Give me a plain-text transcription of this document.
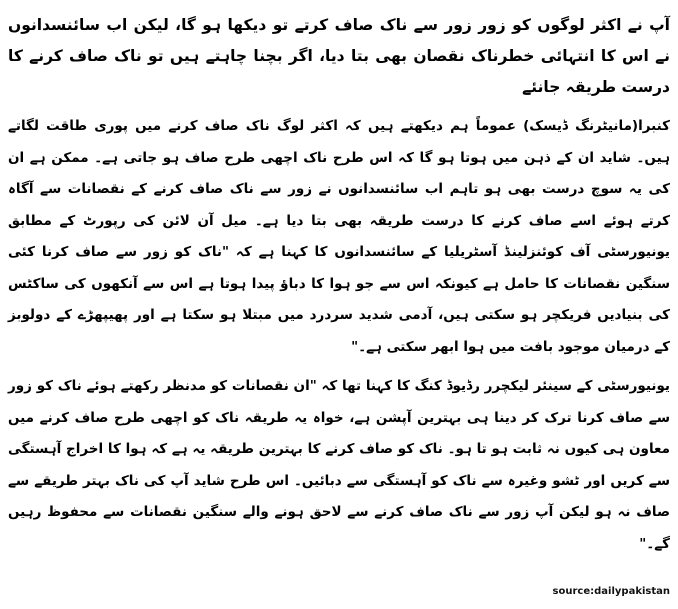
آپ نے اکثر لوگوں کو زور زور سے ناک صاف کرتے تو دیکھا ہو گا، لیکن اب سائنسدانوں نے اس کا انتہائی خطرناک نقصان بھی بتا دیا، اگر بچنا چاہتے ہیں تو ناک صاف کرنے کا درست طریقہ جانئے

کنبرا(مانیٹرنگ ڈیسک) عموماً ہم دیکھتے ہیں کہ اکثر لوگ ناک صاف کرنے میں پوری طاقت لگاتے ہیں۔ شاید ان کے ذہن میں ہوتا ہو گا کہ اس طرح ناک اچھی طرح صاف ہو جاتی ہے۔ ممکن ہے ان کی یہ سوچ درست بھی ہو تاہم اب سائنسدانوں نے زور سے ناک صاف کرنے کے نقصانات سے آگاہ کرتے ہوئے اسے صاف کرنے کا درست طریقہ بھی بتا دیا ہے۔ میل آن لائن کی رپورٹ کے مطابق یونیورسٹی آف کوئنزلینڈ آسٹریلیا کے سائنسدانوں کا کہنا ہے کہ "ناک کو زور سے صاف کرنا کئی سنگین نقصانات کا حامل ہے کیونکہ اس سے جو ہوا کا دباؤ پیدا ہوتا ہے اس سے آنکھوں کی ساکٹس کی بنیادیں فریکچر ہو سکتی ہیں، آدمی شدید سردرد میں مبتلا ہو سکتا ہے اور پھیپھڑے کے دولوبز کے درمیان موجود بافت میں ہوا ابھر سکتی ہے۔"

یونیورسٹی کے سینئر لیکچرر رڈیوڈ کنگ کا کہنا تھا کہ "ان نقصانات کو مدنظر رکھتے ہوئے ناک کو زور سے صاف کرنا ترک کر دینا ہی بہترین آپشن ہے، خواہ یہ طریقہ ناک کو اچھی طرح صاف کرنے میں معاون ہی کیوں نہ ثابت ہو تا ہو۔ ناک کو صاف کرنے کا بہترین طریقہ یہ ہے کہ ہوا کا اخراج آہستگی سے کریں اور ٹشو وغیرہ سے ناک کو آہستگی سے دبائیں۔ اس طرح شاید آپ کی ناک بہتر طریقے سے صاف نہ ہو لیکن آپ زور سے ناک صاف کرنے سے لاحق ہونے والے سنگین نقصانات سے محفوظ رہیں گے۔"

source:dailypakistan
